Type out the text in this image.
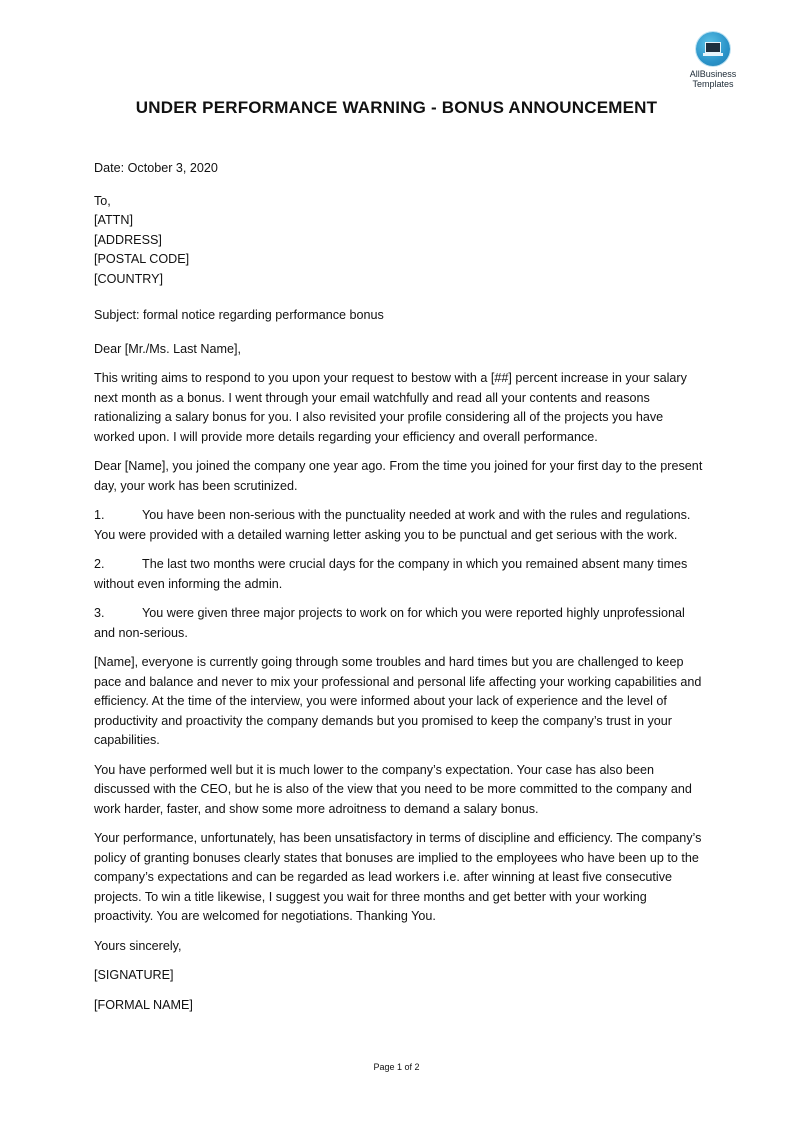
AllBusiness
Templates
UNDER PERFORMANCE WARNING - BONUS ANNOUNCEMENT

Date: October 3, 2020

To,

[ATTN]

[ADDRESS]

[POSTAL CODE]

[COUNTRY]

Subject: formal notice regarding performance bonus

Dear [Mr./Ms. Last Name],

This writing aims to respond to you upon your request to bestow with a [##] percent increase in your salary next month as a bonus. I went through your email watchfully and read all your contents and reasons rationalizing a salary bonus for you. I also revisited your profile considering all of the projects you have worked upon. I will provide more details regarding your efficiency and overall performance.

Dear [Name], you joined the company one year ago. From the time you joined for your first day to the present day, your work has been scrutinized.

1.	You have been non-serious with the punctuality needed at work and with the rules and regulations. You were provided with a detailed warning letter asking you to be punctual and get serious with the work.

2.	The last two months were crucial days for the company in which you remained absent many times without even informing the admin.

3.	You were given three major projects to work on for which you were reported highly unprofessional and non-serious.

[Name], everyone is currently going through some troubles and hard times but you are challenged to keep pace and balance and never to mix your professional and personal life affecting your working capabilities and efficiency. At the time of the interview, you were informed about your lack of experience and the level of productivity and proactivity the company demands but you promised to keep the company’s trust in your capabilities.

You have performed well but it is much lower to the company’s expectation. Your case has also been discussed with the CEO, but he is also of the view that you need to be more committed to the company and work harder, faster, and show some more adroitness to demand a salary bonus.

Your performance, unfortunately, has been unsatisfactory in terms of discipline and efficiency. The company’s policy of granting bonuses clearly states that bonuses are implied to the employees who have been up to the company’s expectations and can be regarded as lead workers i.e. after winning at least five consecutive projects. To win a title likewise, I suggest you wait for three months and get better with your working proactivity. You are welcomed for negotiations. Thanking You.

Yours sincerely,

[SIGNATURE]

[FORMAL NAME]

Page 1 of 2
